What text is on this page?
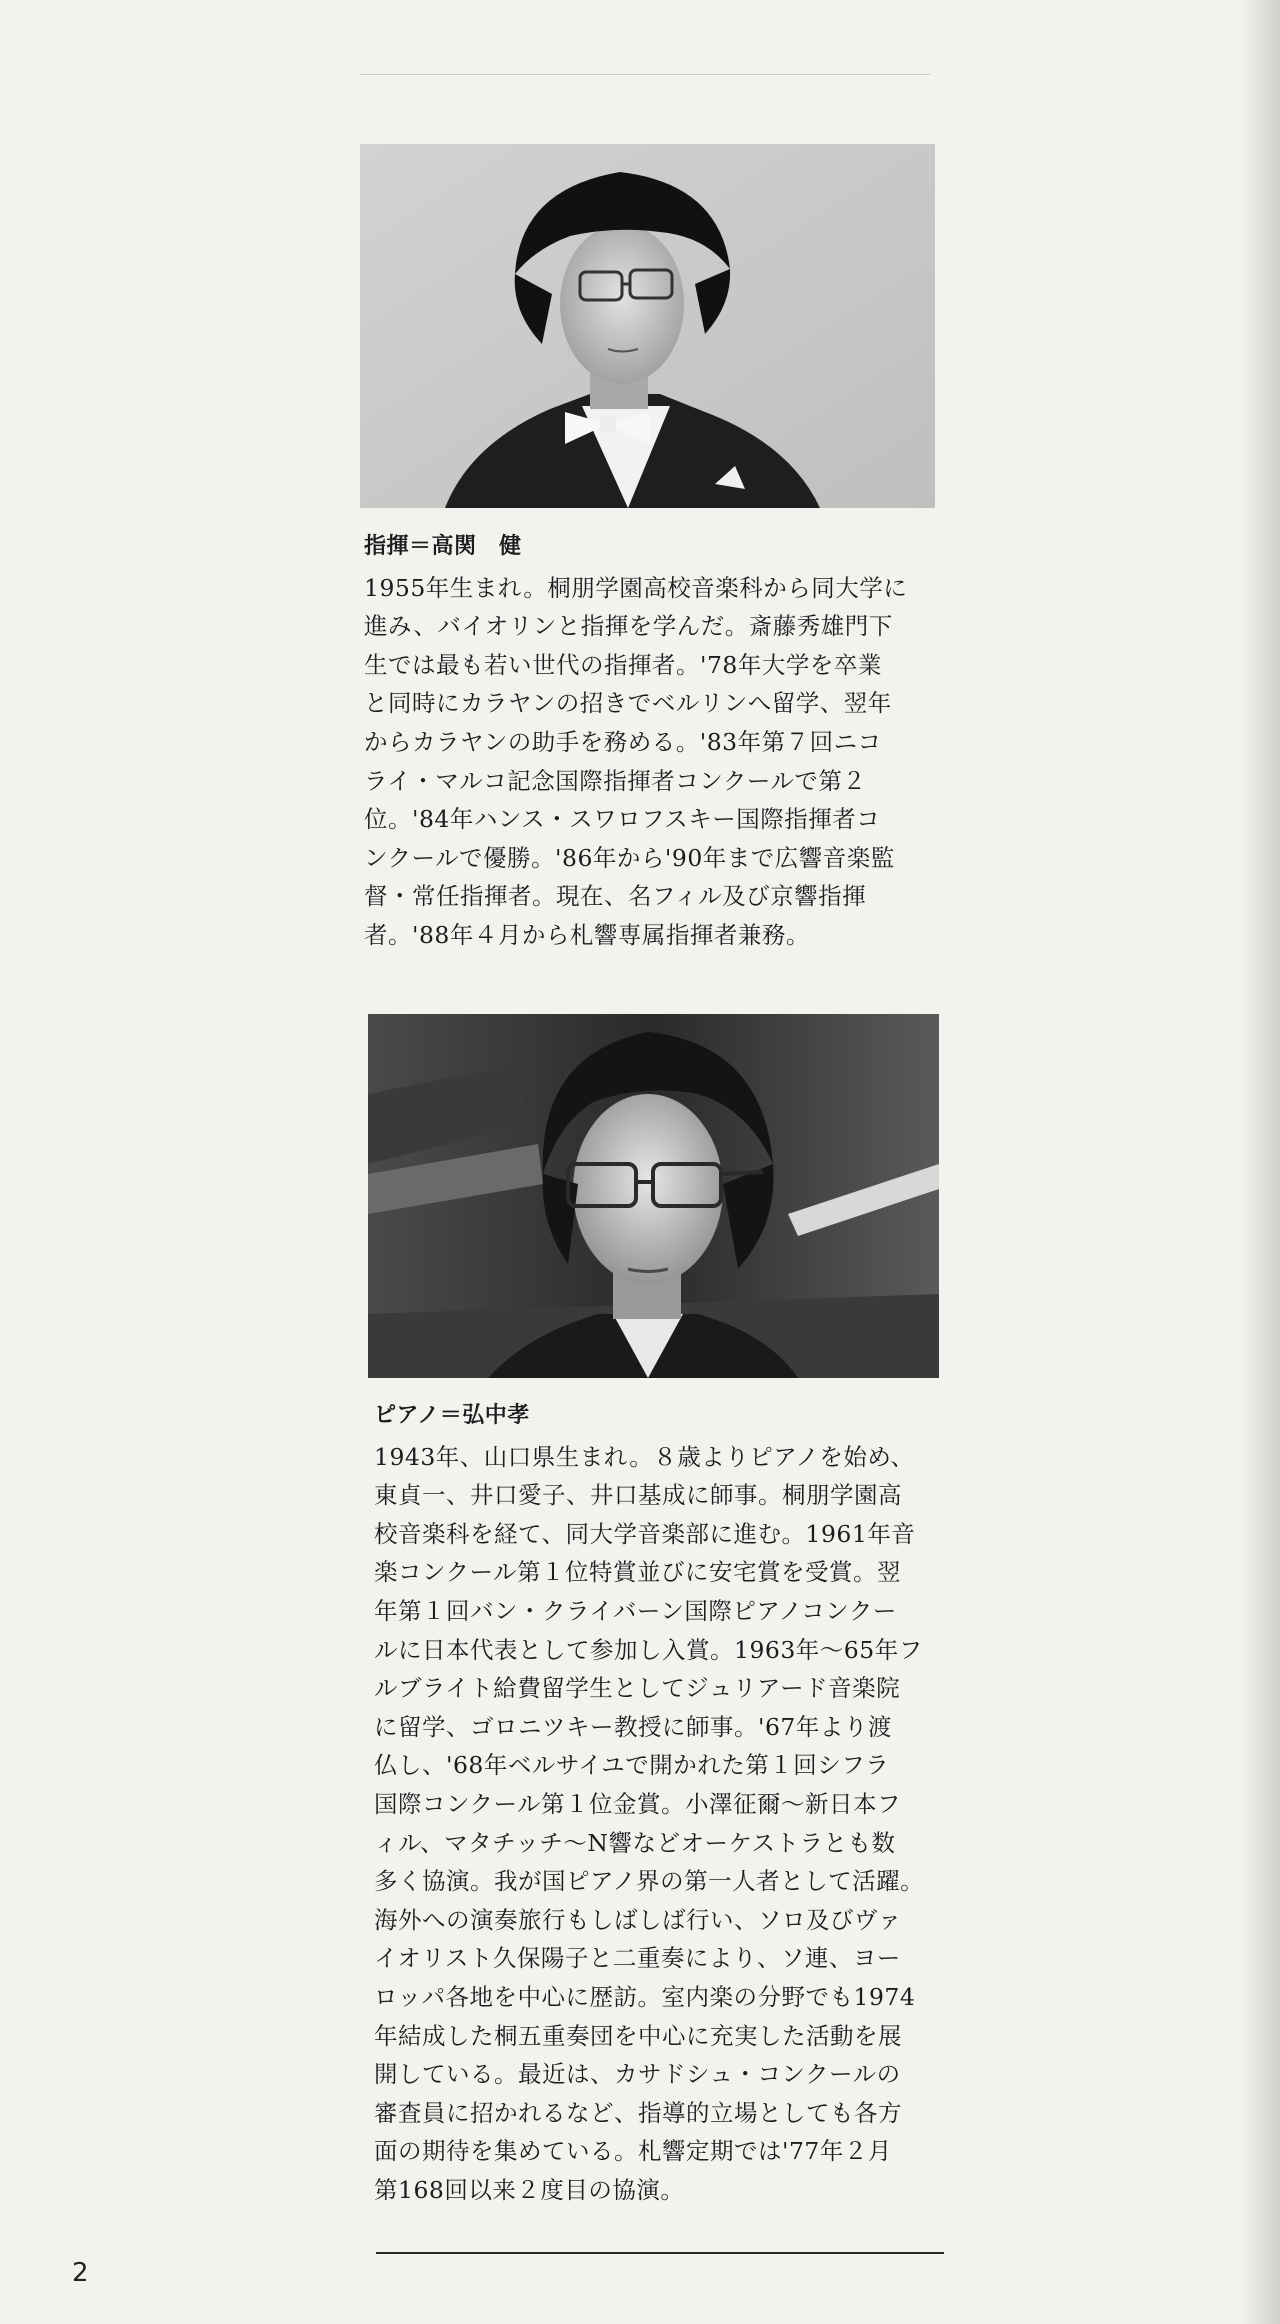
指揮＝高関　健
1955年生まれ。桐朋学園高校音楽科から同大学に
進み、バイオリンと指揮を学んだ。斎藤秀雄門下
生では最も若い世代の指揮者。'78年大学を卒業
と同時にカラヤンの招きでベルリンへ留学、翌年
からカラヤンの助手を務める。'83年第７回ニコ
ライ・マルコ記念国際指揮者コンクールで第２
位。'84年ハンス・スワロフスキー国際指揮者コ
ンクールで優勝。'86年から'90年まで広響音楽監
督・常任指揮者。現在、名フィル及び京響指揮
者。'88年４月から札響専属指揮者兼務。
ピアノ＝弘中孝
1943年、山口県生まれ。８歳よりピアノを始め、
東貞一、井口愛子、井口基成に師事。桐朋学園高
校音楽科を経て、同大学音楽部に進む。1961年音
楽コンクール第１位特賞並びに安宅賞を受賞。翌
年第１回バン・クライバーン国際ピアノコンクー
ルに日本代表として参加し入賞。1963年～65年フ
ルブライト給費留学生としてジュリアード音楽院
に留学、ゴロニツキー教授に師事。'67年より渡
仏し、'68年ベルサイユで開かれた第１回シフラ
国際コンクール第１位金賞。小澤征爾～新日本フ
ィル、マタチッチ～N響などオーケストラとも数
多く協演。我が国ピアノ界の第一人者として活躍。
海外への演奏旅行もしばしば行い、ソロ及びヴァ
イオリスト久保陽子と二重奏により、ソ連、ヨー
ロッパ各地を中心に歴訪。室内楽の分野でも1974
年結成した桐五重奏団を中心に充実した活動を展
開している。最近は、カサドシュ・コンクールの
審査員に招かれるなど、指導的立場としても各方
面の期待を集めている。札響定期では'77年２月
第168回以来２度目の協演。
2
